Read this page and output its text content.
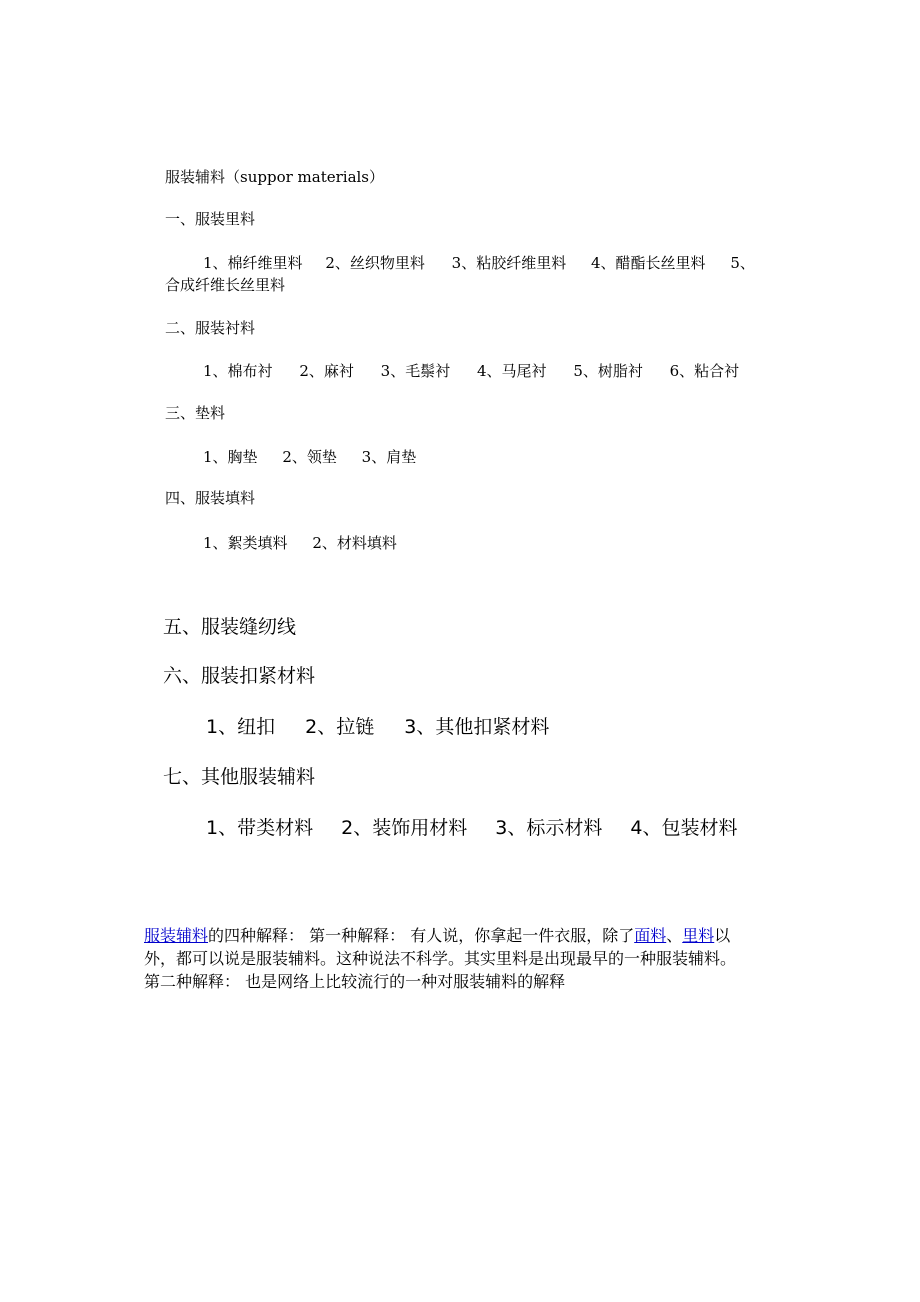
服装辅料（suppor materials）
一、服装里料
1、棉纤维里料 2、丝织物里料 3、粘胶纤维里料 4、醋酯长丝里料 5、
合成纤维长丝里料
二、服装衬料
1、棉布衬 2、麻衬 3、毛鬃衬 4、马尾衬 5、树脂衬 6、粘合衬
三、垫料
1、胸垫 2、领垫 3、肩垫
四、服装填料
1、絮类填料 2、材料填料
五、服装缝纫线
六、服装扣紧材料
1、纽扣 2、拉链 3、其他扣紧材料
七、其他服装辅料
1、带类材料 2、装饰用材料 3、标示材料 4、包装材料
服装辅料的四种解释： 第一种解释： 有人说，你拿起一件衣服，除了面料、里料以外，都可以说是服装辅料。这种说法不科学。其实里料是出现最早的一种服装辅料。
第二种解释： 也是网络上比较流行的一种对服装辅料的解释
